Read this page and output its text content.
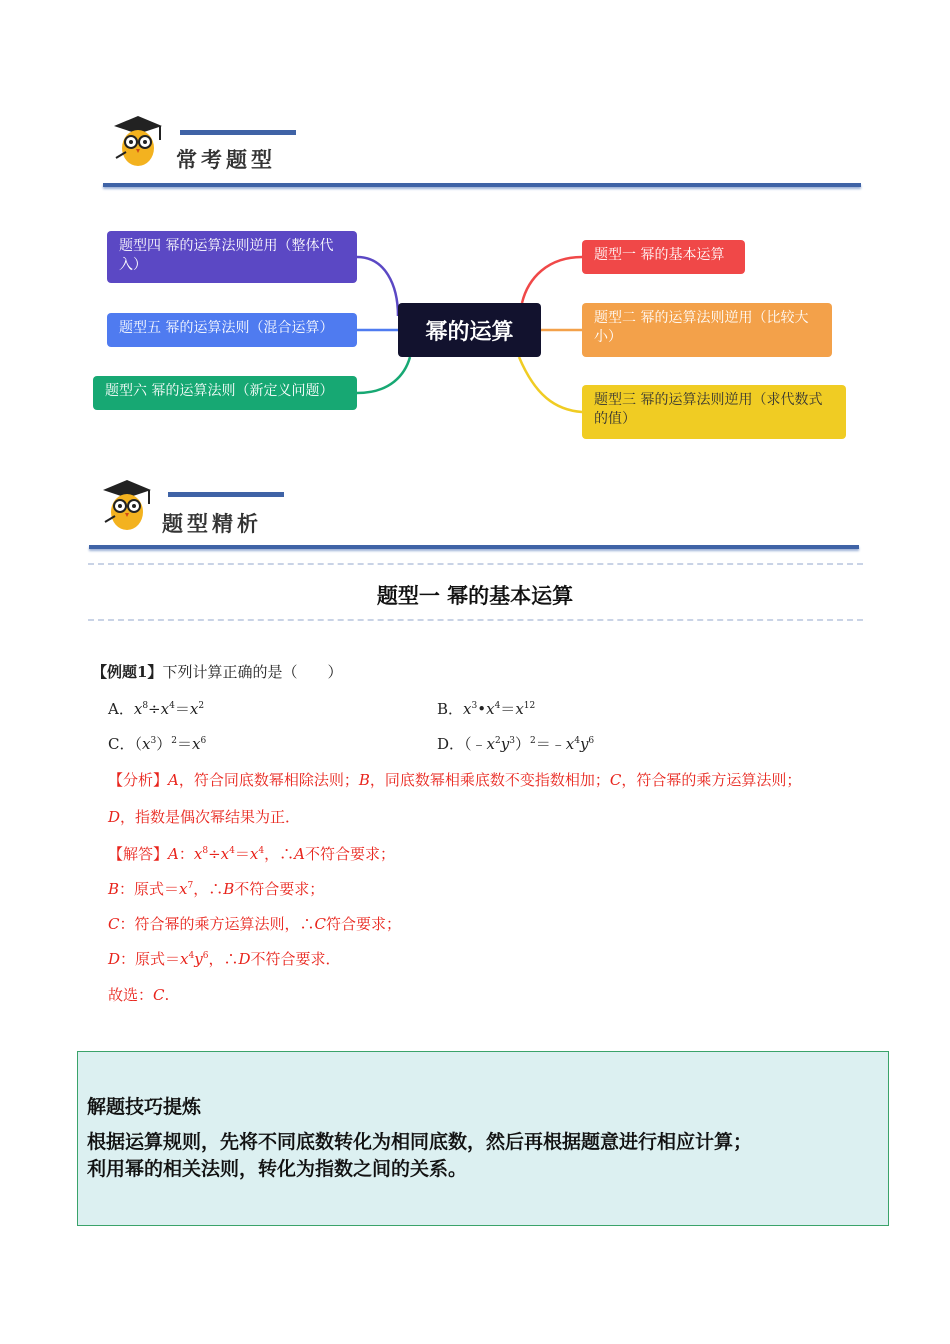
常考题型
题型四 幂的运算法则逆用（整体代入）
题型五 幂的运算法则（混合运算）
题型六 幂的运算法则（新定义问题）
幂的运算
题型一 幂的基本运算
题型二 幂的运算法则逆用（比较大小）
题型三 幂的运算法则逆用（求代数式的值）
题型精析
题型一 幂的基本运算
【例题1】下列计算正确的是（　　）
A．$x^8\div x^4=x^2$	B．$x^3•x^4=x^{12}$
C．$(x^3)^2=x^6$	D．$(﹣x^2y^3)^2=﹣x^4y^6$
【分析】A，符合同底数幂相除法则；B，同底数幂相乘底数不变指数相加；C，符合幂的乘方运算法则；
D，指数是偶次幂结果为正．
【解答】A：$x^8\div x^4=x^4$，∴A不符合要求；
B：原式$=x^7$，∴B不符合要求；
C：符合幂的乘方运算法则，∴C符合要求；
D：原式$=x^4y^6$，∴D不符合要求．
故选：C.
解题技巧提炼
根据运算规则，先将不同底数转化为相同底数，然后再根据题意进行相应计算；
利用幂的相关法则，转化为指数之间的关系。
